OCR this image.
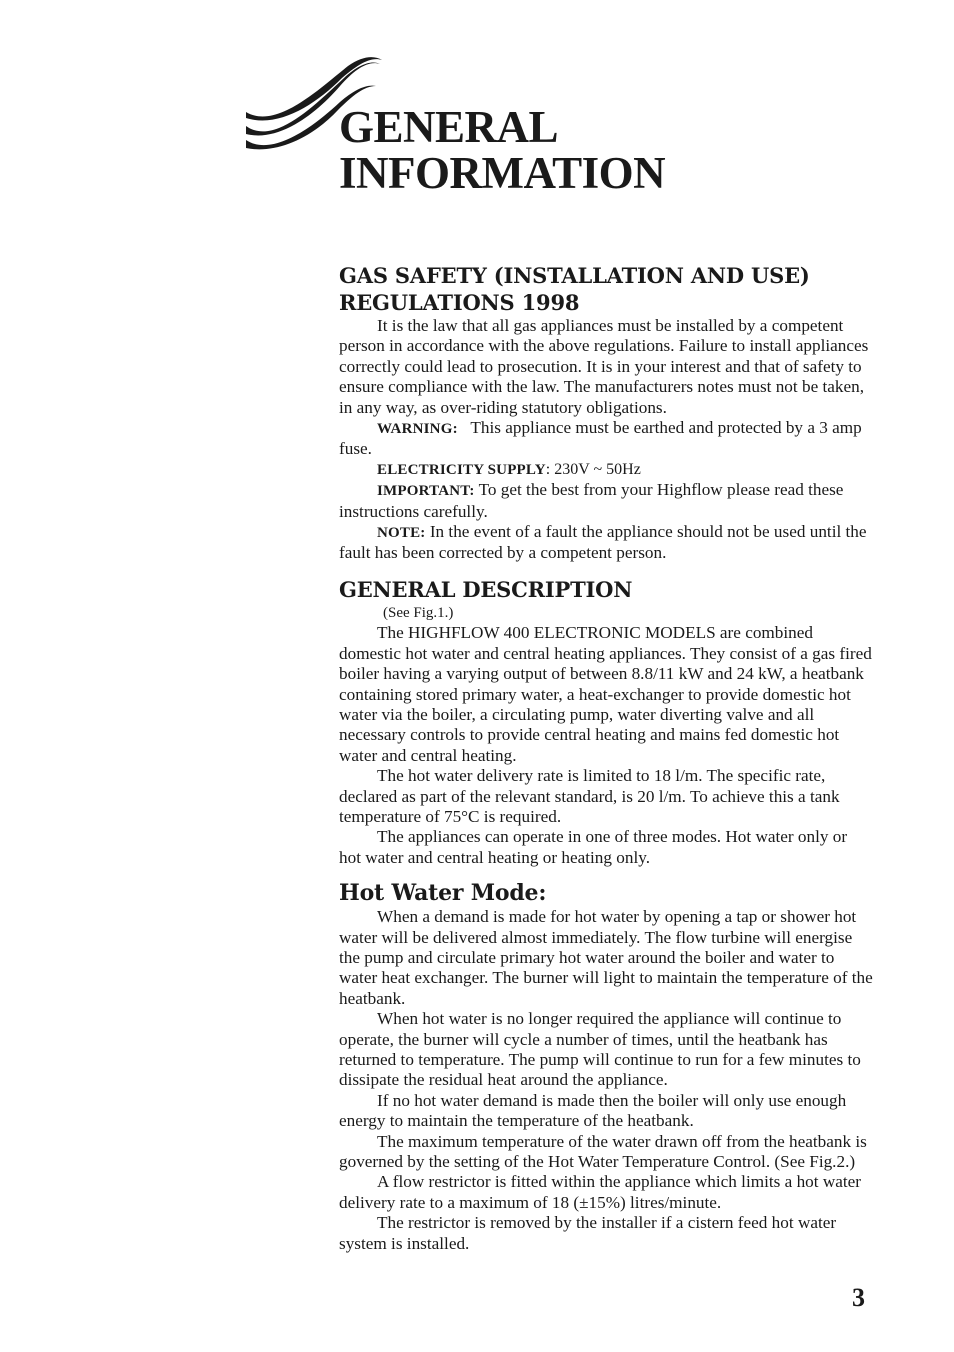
GENERAL
INFORMATION
GAS SAFETY (INSTALLATION AND USE)
REGULATIONS 1998

It is the law that all gas appliances must be installed by a competent person in accordance with the above regulations. Failure to install appliances correctly could lead to prosecution. It is in your interest and that of safety to ensure compliance with the law. The manufacturers notes must not be taken, in any way, as over-riding statutory obligations.

WARNING: This appliance must be earthed and protected by a 3 amp fuse.

ELECTRICITY SUPPLY: 230V ~ 50Hz

IMPORTANT: To get the best from your Highflow please read these instructions carefully.

NOTE: In the event of a fault the appliance should not be used until the fault has been corrected by a competent person.

GENERAL DESCRIPTION

(See Fig.1.)

The HIGHFLOW 400 ELECTRONIC MODELS are combined domestic hot water and central heating appliances. They consist of a gas fired boiler having a varying output of between 8.8/11 kW and 24 kW, a heatbank containing stored primary water, a heat-exchanger to provide domestic hot water via the boiler, a circulating pump, water diverting valve and all necessary controls to provide central heating and mains fed domestic hot water and central heating.

The hot water delivery rate is limited to 18 l/m. The specific rate, declared as part of the relevant standard, is 20 l/m. To achieve this a tank temperature of 75°C is required.

The appliances can operate in one of three modes. Hot water only or hot water and central heating or heating only.

Hot Water Mode:

When a demand is made for hot water by opening a tap or shower hot water will be delivered almost immediately. The flow turbine will energise the pump and circulate primary hot water around the boiler and water to water heat exchanger. The burner will light to maintain the temperature of the heatbank.

When hot water is no longer required the appliance will continue to operate, the burner will cycle a number of times, until the heatbank has returned to temperature. The pump will continue to run for a few minutes to dissipate the residual heat around the appliance.

If no hot water demand is made then the boiler will only use enough energy to maintain the temperature of the heatbank.

The maximum temperature of the water drawn off from the heatbank is governed by the setting of the Hot Water Temperature Control. (See Fig.2.)

A flow restrictor is fitted within the appliance which limits a hot water delivery rate to a maximum of 18 (±15%) litres/minute.

The restrictor is removed by the installer if a cistern feed hot water system is installed.

3
